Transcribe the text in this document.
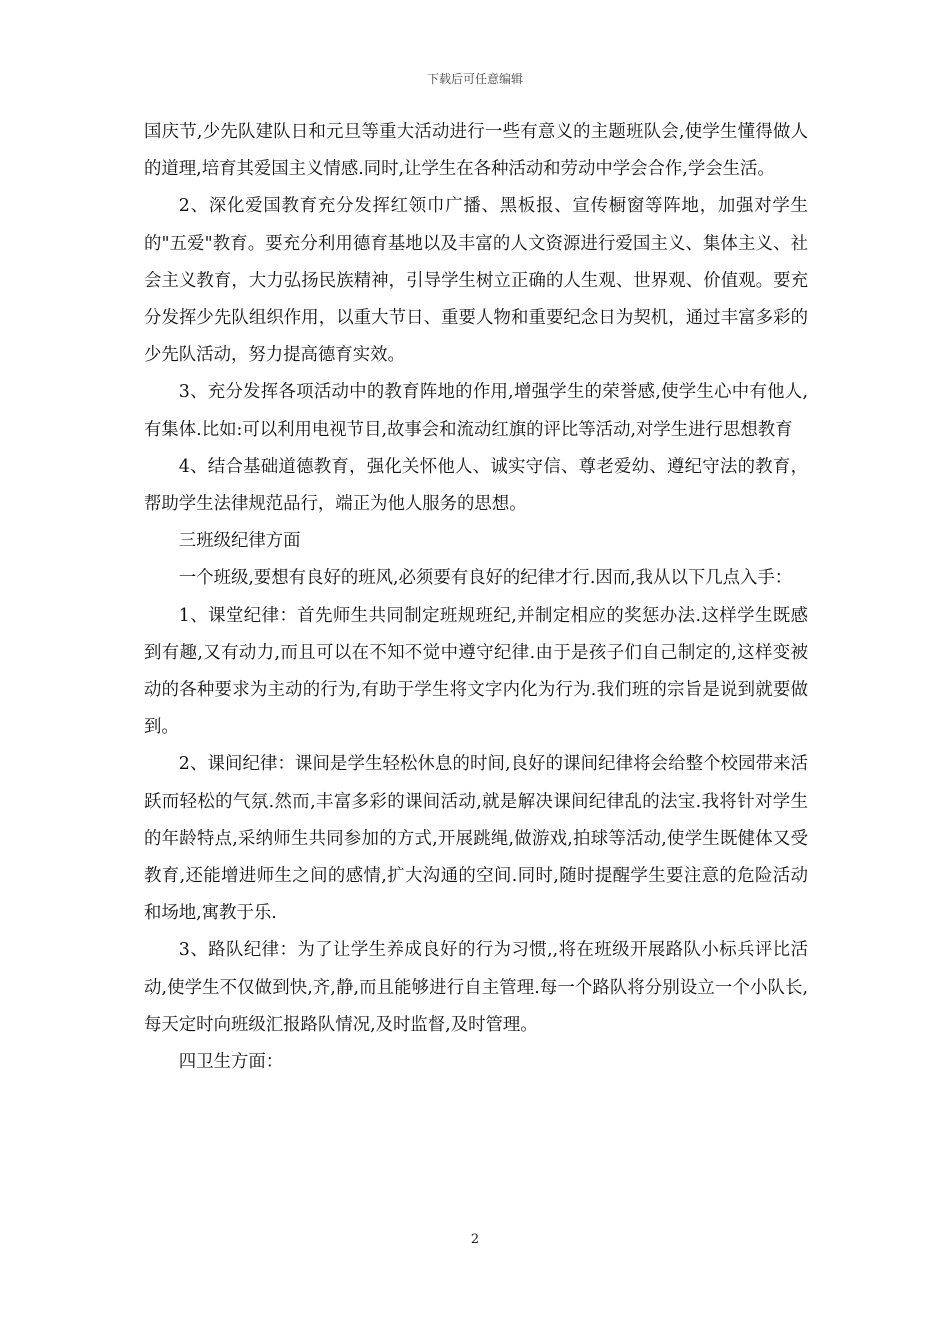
下载后可任意编辑

国庆节,少先队建队日和元旦等重大活动进行一些有意义的主题班队会,使学生懂得做人的道理,培育其爱国主义情感.同时,让学生在各种活动和劳动中学会合作,学会生活。

2、深化爱国教育充分发挥红领巾广播、黑板报、宣传橱窗等阵地，加强对学生的"五爱"教育。要充分利用德育基地以及丰富的人文资源进行爱国主义、集体主义、社会主义教育，大力弘扬民族精神，引导学生树立正确的人生观、世界观、价值观。要充分发挥少先队组织作用，以重大节日、重要人物和重要纪念日为契机，通过丰富多彩的少先队活动，努力提高德育实效。

3、充分发挥各项活动中的教育阵地的作用,增强学生的荣誉感,使学生心中有他人,有集体.比如:可以利用电视节目,故事会和流动红旗的评比等活动,对学生进行思想教育

4、结合基础道德教育，强化关怀他人、诚实守信、尊老爱幼、遵纪守法的教育，帮助学生法律规范品行，端正为他人服务的思想。

三班级纪律方面

一个班级,要想有良好的班风,必须要有良好的纪律才行.因而,我从以下几点入手：

1、课堂纪律：首先师生共同制定班规班纪,并制定相应的奖惩办法.这样学生既感到有趣,又有动力,而且可以在不知不觉中遵守纪律.由于是孩子们自己制定的,这样变被动的各种要求为主动的行为,有助于学生将文字内化为行为.我们班的宗旨是说到就要做到。

2、课间纪律：课间是学生轻松休息的时间,良好的课间纪律将会给整个校园带来活跃而轻松的气氛.然而,丰富多彩的课间活动,就是解决课间纪律乱的法宝.我将针对学生的年龄特点,采纳师生共同参加的方式,开展跳绳,做游戏,拍球等活动,使学生既健体又受教育,还能增进师生之间的感情,扩大沟通的空间.同时,随时提醒学生要注意的危险活动和场地,寓教于乐.

3、路队纪律：为了让学生养成良好的行为习惯,,将在班级开展路队小标兵评比活动,使学生不仅做到快,齐,静,而且能够进行自主管理.每一个路队将分别设立一个小队长,每天定时向班级汇报路队情况,及时监督,及时管理。

四卫生方面：

2
